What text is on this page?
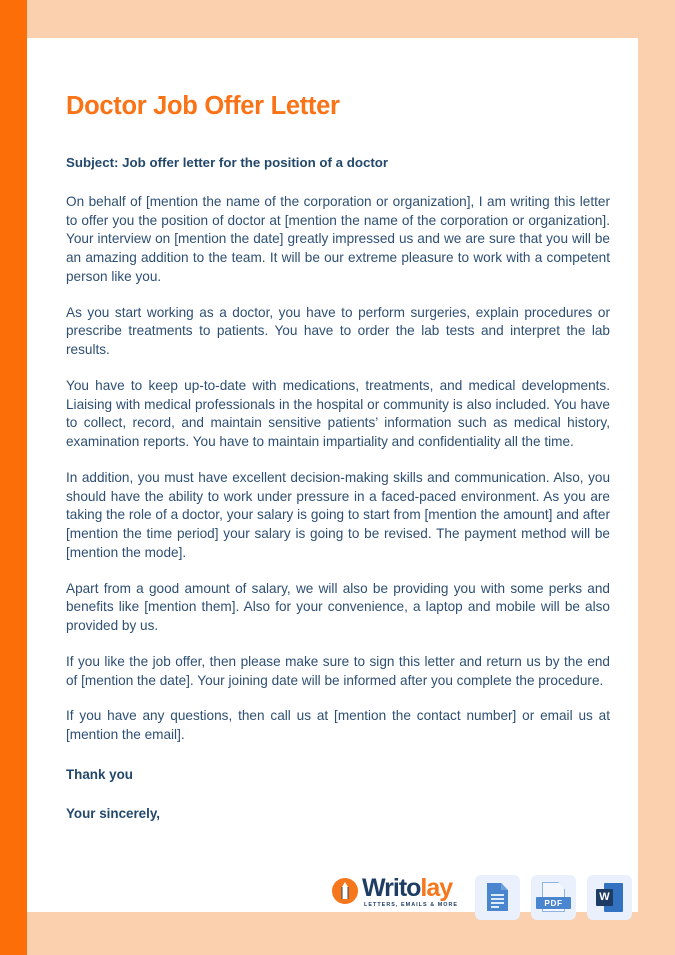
Doctor Job Offer Letter
Subject: Job offer letter for the position of a doctor

On behalf of [mention the name of the corporation or organization], I am writing this letter to offer you the position of doctor at [mention the name of the corporation or organization]. Your interview on [mention the date] greatly impressed us and we are sure that you will be an amazing addition to the team. It will be our extreme pleasure to work with a competent person like you.

As you start working as a doctor, you have to perform surgeries, explain procedures or prescribe treatments to patients. You have to order the lab tests and interpret the lab results.

You have to keep up-to-date with medications, treatments, and medical developments. Liaising with medical professionals in the hospital or community is also included. You have to collect, record, and maintain sensitive patients’ information such as medical history, examination reports. You have to maintain impartiality and confidentiality all the time.

In addition, you must have excellent decision-making skills and communication. Also, you should have the ability to work under pressure in a faced-paced environment. As you are taking the role of a doctor, your salary is going to start from [mention the amount] and after [mention the time period] your salary is going to be revised. The payment method will be [mention the mode].

Apart from a good amount of salary, we will also be providing you with some perks and benefits like [mention them]. Also for your convenience, a laptop and mobile will be also provided by us.

If you like the job offer, then please make sure to sign this letter and return us by the end of [mention the date]. Your joining date will be informed after you complete the procedure.

If you have any questions, then call us at [mention the contact number] or email us at [mention the email].

Thank you
Your sincerely,
Writolay
LETTERS, EMAILS & MORE	PDF	W
